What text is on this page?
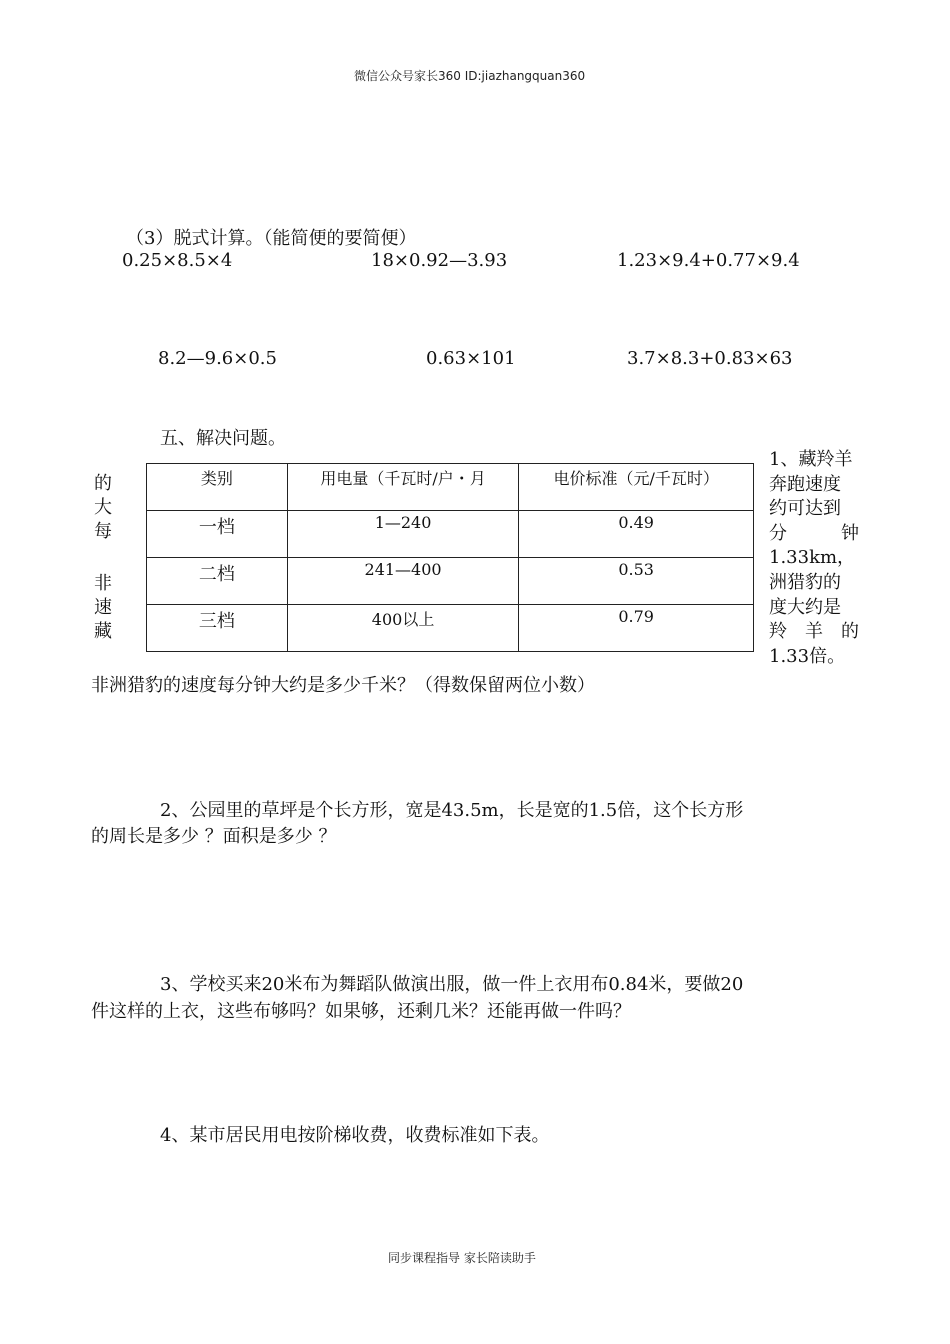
微信公众号家长360 ID:jiazhangquan360
（3）脱式计算。（能简便的要简便）
0.25×8.5×4	18×0.92—3.93	1.23×9.4+0.77×9.4
8.2—9.6×0.5	0.63×101	3.7×8.3+0.83×63
五、解决问题。
的
大
每
非
速
藏
类别	用电量（千瓦时/户・月	电价标准（元/千瓦时）
一档	1—240	0.49
二档	241—400	0.53
三档	400以上	0.79
1、藏羚羊
奔跑速度
约可达到
分	钟
1.33km，
洲猎豹的
度大约是
羚 羊 的
1.33倍。
非洲猎豹的速度每分钟大约是多少千米？（得数保留两位小数）
2、公园里的草坪是个长方形，宽是43.5m，长是宽的1.5倍，这个长方形
的周长是多少 ？面积是多少 ？
3、学校买来20米布为舞蹈队做演出服，做一件上衣用布0.84米，要做20
件这样的上衣，这些布够吗？如果够，还剩几米？还能再做一件吗？
4、某市居民用电按阶梯收费，收费标准如下表。
同步课程指导 家长陪读助手
